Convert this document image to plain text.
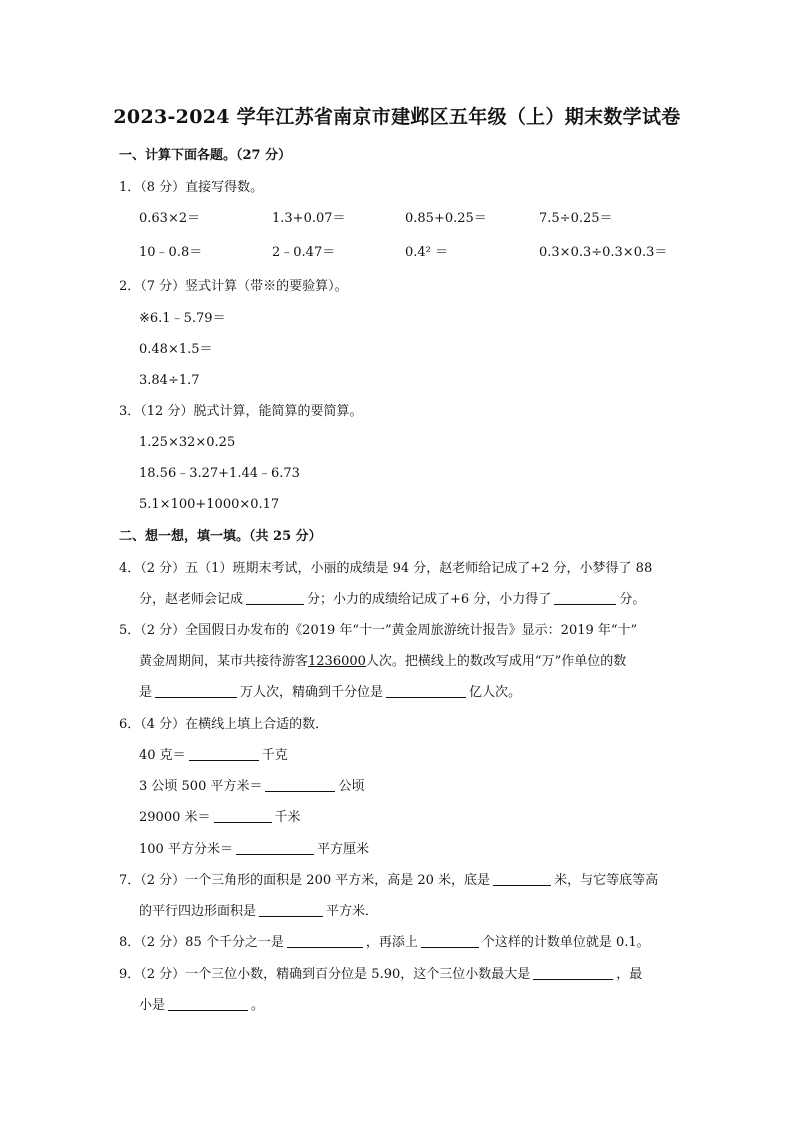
2023-2024 学年江苏省南京市建邺区五年级（上）期末数学试卷
一、计算下面各题。（27 分）
1．（8 分）直接写得数。
0.63×2＝	1.3+0.07＝	0.85+0.25＝	7.5÷0.25＝
10﹣0.8＝	2﹣0.47＝	0.4² ＝	0.3×0.3÷0.3×0.3＝
2．（7 分）竖式计算（带※的要验算）。
※6.1﹣5.79＝
0.48×1.5＝
3.84÷1.7
3．（12 分）脱式计算，能简算的要简算。
1.25×32×0.25
18.56﹣3.27+1.44﹣6.73
5.1×100+1000×0.17
二、想一想，填一填。（共 25 分）
4．（2 分）五（1）班期末考试，小丽的成绩是 94 分，赵老师给记成了+2 分，小梦得了 88
分，赵老师会记成	分；小力的成绩给记成了+6 分，小力得了	分。
5．（2 分）全国假日办发布的《2019 年“十一”黄金周旅游统计报告》显示：2019 年“十”
黄金周期间，某市共接待游客1236000人次。把横线上的数改写成用“万”作单位的数
是	万人次，精确到千分位是	亿人次。
6．（4 分）在横线上填上合适的数．
40 克＝	千克
3 公顷 500 平方米＝	公顷
29000 米＝	千米
100 平方分米＝	平方厘米
7．（2 分）一个三角形的面积是 200 平方米，高是 20 米，底是	米，与它等底等高
的平行四边形面积是	平方米．
8．（2 分）85 个千分之一是	，再添上	个这样的计数单位就是 0.1。
9．（2 分）一个三位小数，精确到百分位是 5.90，这个三位小数最大是	，最
小是	。
